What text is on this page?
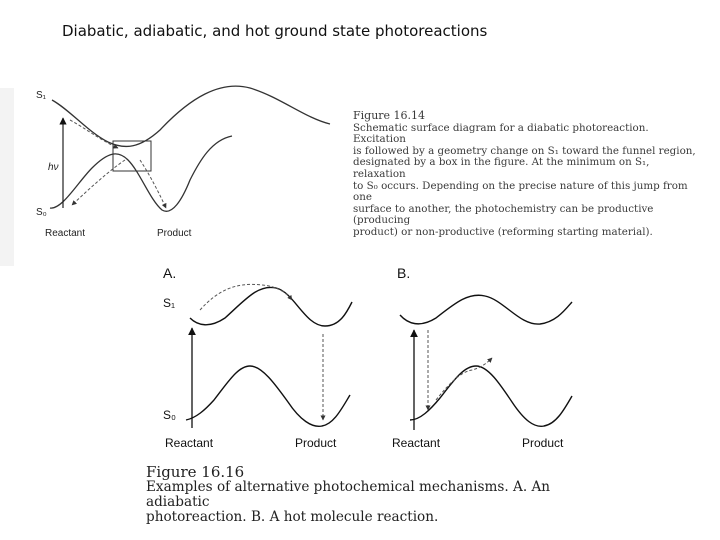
Diabatic, adiabatic, and hot ground state photoreactions
S₁
hν
S₀
Reactant	Product
Figure 16.14
Schematic surface diagram for a diabatic photoreaction. Excitation
is followed by a geometry change on S₁ toward the funnel region,
designated by a box in the figure. At the minimum on S₁, relaxation
to S₀ occurs. Depending on the precise nature of this jump from one
surface to another, the photochemistry can be productive (producing
product) or non-productive (reforming starting material).
A.
S₁
S₀
Reactant	Product
B.
Reactant	Product
Figure 16.16
Examples of alternative photochemical mechanisms. A. An adiabatic
photoreaction. B. A hot molecule reaction.
